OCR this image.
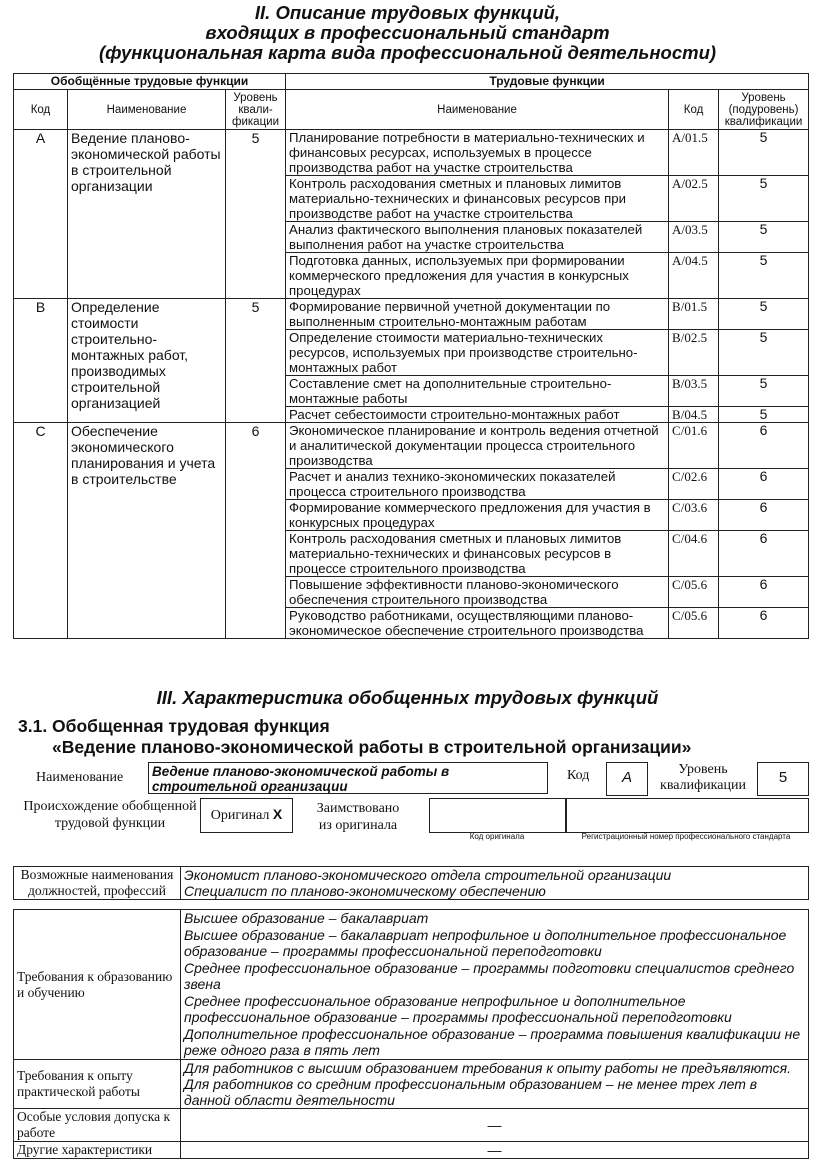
II. Описание трудовых функций,
входящих в профессиональный стандарт
(функциональная карта вида профессиональной деятельности)
Обобщённые трудовые функции			Трудовые функции		
Код	Наименование	Уровень
квали-
фикации	Наименование	Код	Уровень
(подуровень)
квалификации
A	Ведение планово-экономической работы в строительной организации	5	Планирование потребности в материально-технических и финансовых ресурсах, используемых в процессе производства работ на участке строительства	A/01.5	5
			Контроль расходования сметных и плановых лимитов материально-технических и финансовых ресурсов при производстве работ на участке строительства	A/02.5	5
			Анализ фактического выполнения плановых показателей выполнения работ на участке строительства	A/03.5	5
			Подготовка данных, используемых при формировании коммерческого предложения для участия в конкурсных процедурах	A/04.5	5
B	Определение стоимости строительно-монтажных работ, производимых строительной организацией	5	Формирование первичной учетной документации по выполненным строительно-монтажным работам	B/01.5	5
			Определение стоимости материально-технических ресурсов, используемых при производстве строительно-монтажных работ	B/02.5	5
			Составление смет на дополнительные строительно-монтажные работы	B/03.5	5
			Расчет себестоимости строительно-монтажных работ	B/04.5	5
C	Обеспечение экономического планирования и учета в строительстве	6	Экономическое планирование и контроль ведения отчетной и аналитической документации процесса строительного производства	C/01.6	6
			Расчет и анализ технико-экономических показателей процесса строительного производства	C/02.6	6
			Формирование коммерческого предложения для участия в конкурсных процедурах	C/03.6	6
			Контроль расходования сметных и плановых лимитов материально-технических и финансовых ресурсов в процессе строительного производства	C/04.6	6
			Повышение эффективности планово-экономического обеспечения строительного производства	C/05.6	6
			Руководство работниками, осуществляющими планово-экономическое обеспечение строительного производства	C/05.6	6
III. Характеристика обобщенных трудовых функций
3.1. Обобщенная трудовая функция
«Ведение планово-экономической работы в строительной организации»
Наименование Ведение планово-экономической работы в строительной организации
Код	А	Уровень
квалификации	5
Происхождение обобщенной
трудовой функции
Оригинал X	Заимствовано
из оригинала
Код оригинала	Регистрационный номер профессионального стандарта
Возможные наименования должностей, профессий	Экономист планово-экономического отдела строительной организации
Специалист по планово-экономическому обеспечению

Требования к образованию и обучению	Высшее образование – бакалавриат

Высшее образование – бакалавриат непрофильное и дополнительное профессиональное образование – программы профессиональной переподготовки

Среднее профессиональное образование – программы подготовки специалистов среднего звена

Среднее профессиональное образование непрофильное и дополнительное профессиональное образование – программы профессиональной переподготовки

Дополнительное профессиональное образование – программа повышения квалификации не реже одного раза в пять лет

Требования к опыту практической работы	Для работников с высшим образованием требования к опыту работы не предъявляются.
Для работников со средним профессиональным образованием – не менее трех лет в данной области деятельности

Особые условия допуска к работе	—
Другие характеристики	—
